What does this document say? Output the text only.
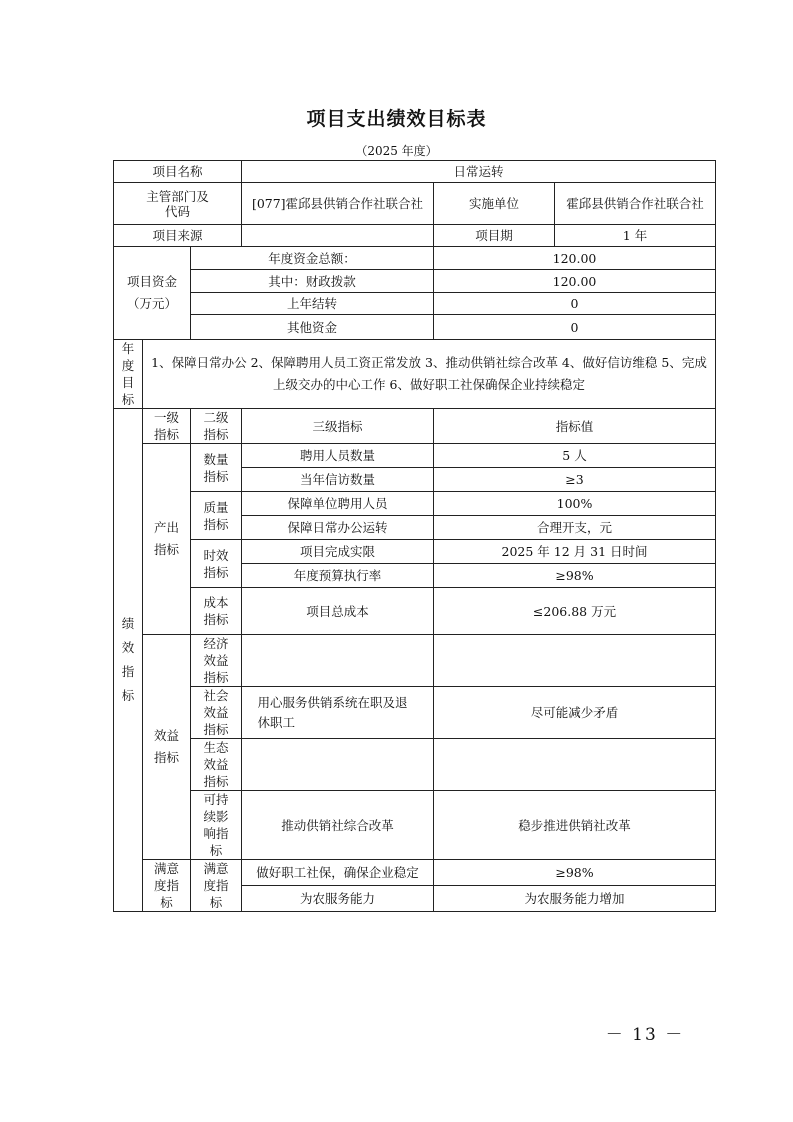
项目支出绩效目标表
（2025 年度）
项目名称			日常运转		

主管部门及代码			[077]霍邱县供销合作社联合社	实施单位	霍邱县供销合作社联合社
项目来源				项目期	1 年

项目资金（万元）		年度资金总额：		120.00	
		其中：财政拨款		120.00	
		上年结转		0	
		其他资金		0	

年度目标	1、保障日常办公 2、保障聘用人员工资正常发放 3、推动供销社综合改革 4、做好信访维稳 5、完成上级交办的中心工作 6、做好职工社保确保企业持续稳定				

绩效指标	一级指标	二级指标	三级指标	指标值	

	产出指标	数量指标	聘用人员数量	5 人	
			当年信访数量	≥3	

		质量指标	保障单位聘用人员	100%	
			保障日常办公运转	合理开支，元	

		时效指标	项目完成实限	2025 年 12 月 31 日时间	
			年度预算执行率	≥98%	

		成本指标	项目总成本	≤206.88 万元	

	效益指标	经济效益指标			

		社会效益指标	用心服务供销系统在职及退休职工	尽可能减少矛盾	

		生态效益指标			

		可持续影响指标	推动供销社综合改革	稳步推进供销社改革	

	满意度指标	满意度指标	做好职工社保，确保企业稳定	≥98%	
			为农服务能力	为农服务能力增加	
－ 13 －
